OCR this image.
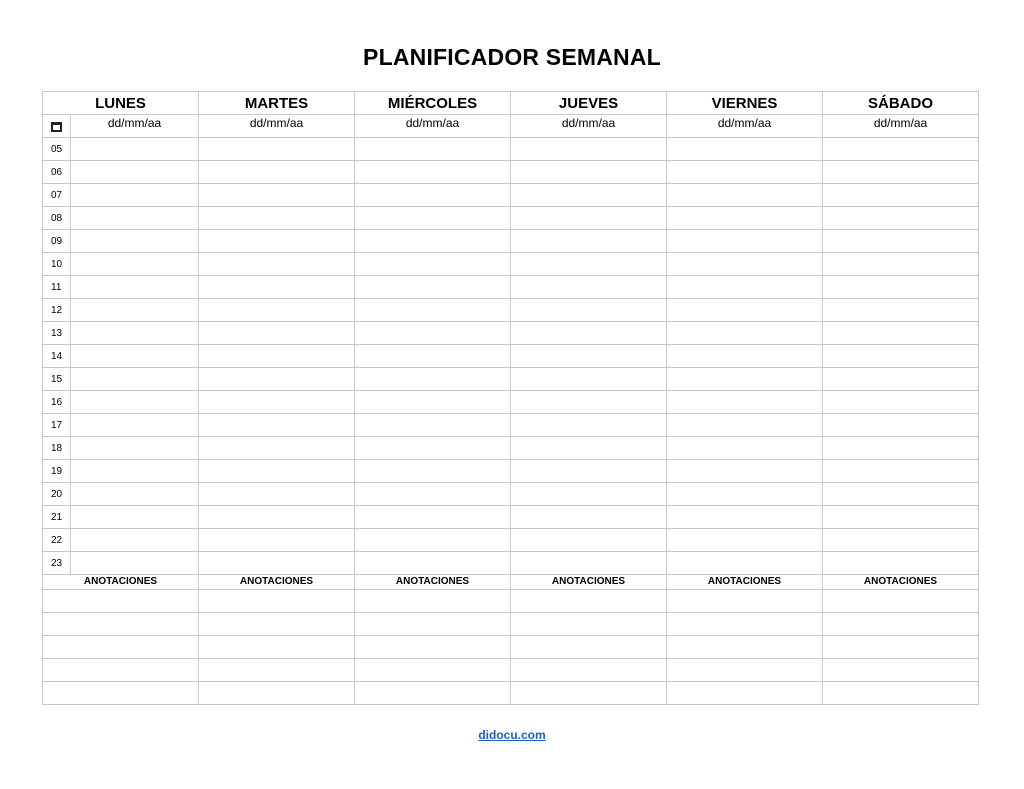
PLANIFICADOR SEMANAL
LUNES		MARTES	MIÉRCOLES	JUEVES	VIERNES	SÁBADO
	dd/mm/aa	dd/mm/aa	dd/mm/aa	dd/mm/aa	dd/mm/aa	dd/mm/aa
05						
06						
07						
08						
09						
10						
11						
12						
13						
14						
15						
16						
17						
18						
19						
20						
21						
22						
23						
ANOTACIONES		ANOTACIONES	ANOTACIONES	ANOTACIONES	ANOTACIONES	ANOTACIONES

didocu.com
